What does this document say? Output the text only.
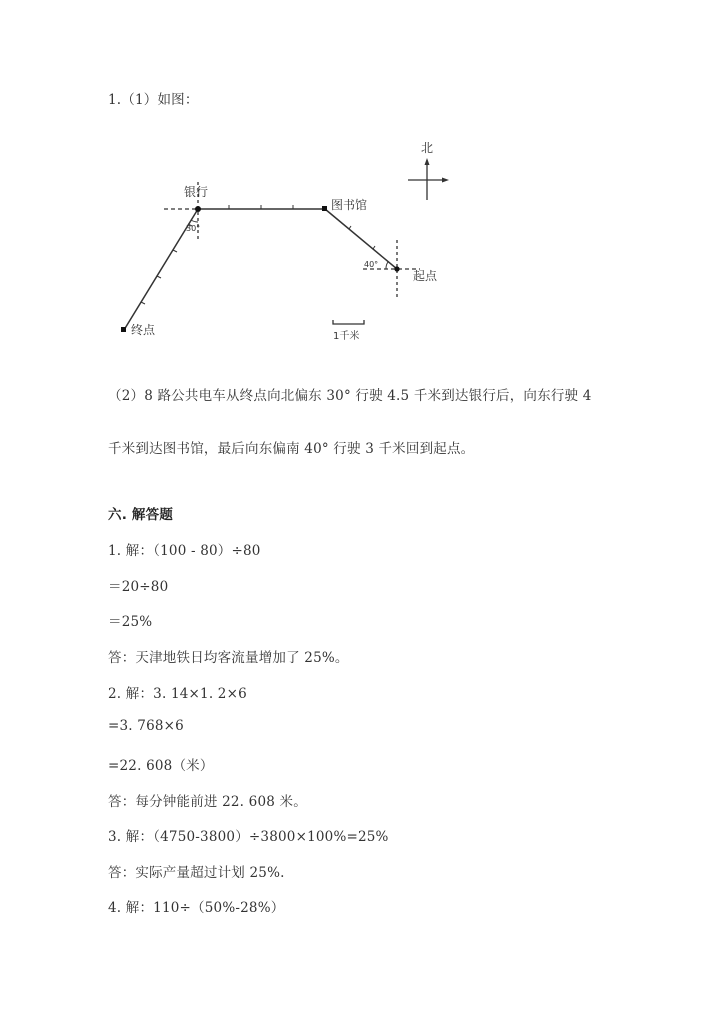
1.（1）如图：
北
银行
图书馆
起点
终点
30°
40°
1千米
（2）8 路公共电车从终点向北偏东 30° 行驶 4.5 千米到达银行后，向东行驶 4
千米到达图书馆，最后向东偏南 40° 行驶 3 千米回到起点。
六. 解答题
1. 解：（100 - 80）÷80
＝20÷80
＝25%
答：天津地铁日均客流量增加了 25%。
2. 解：3. 14×1. 2×6
=3. 768×6
=22. 608（米）
答：每分钟能前进 22. 608 米。
3. 解：（4750-3800）÷3800×100%=25%
答：实际产量超过计划 25%.
4. 解：110÷（50%-28%）
